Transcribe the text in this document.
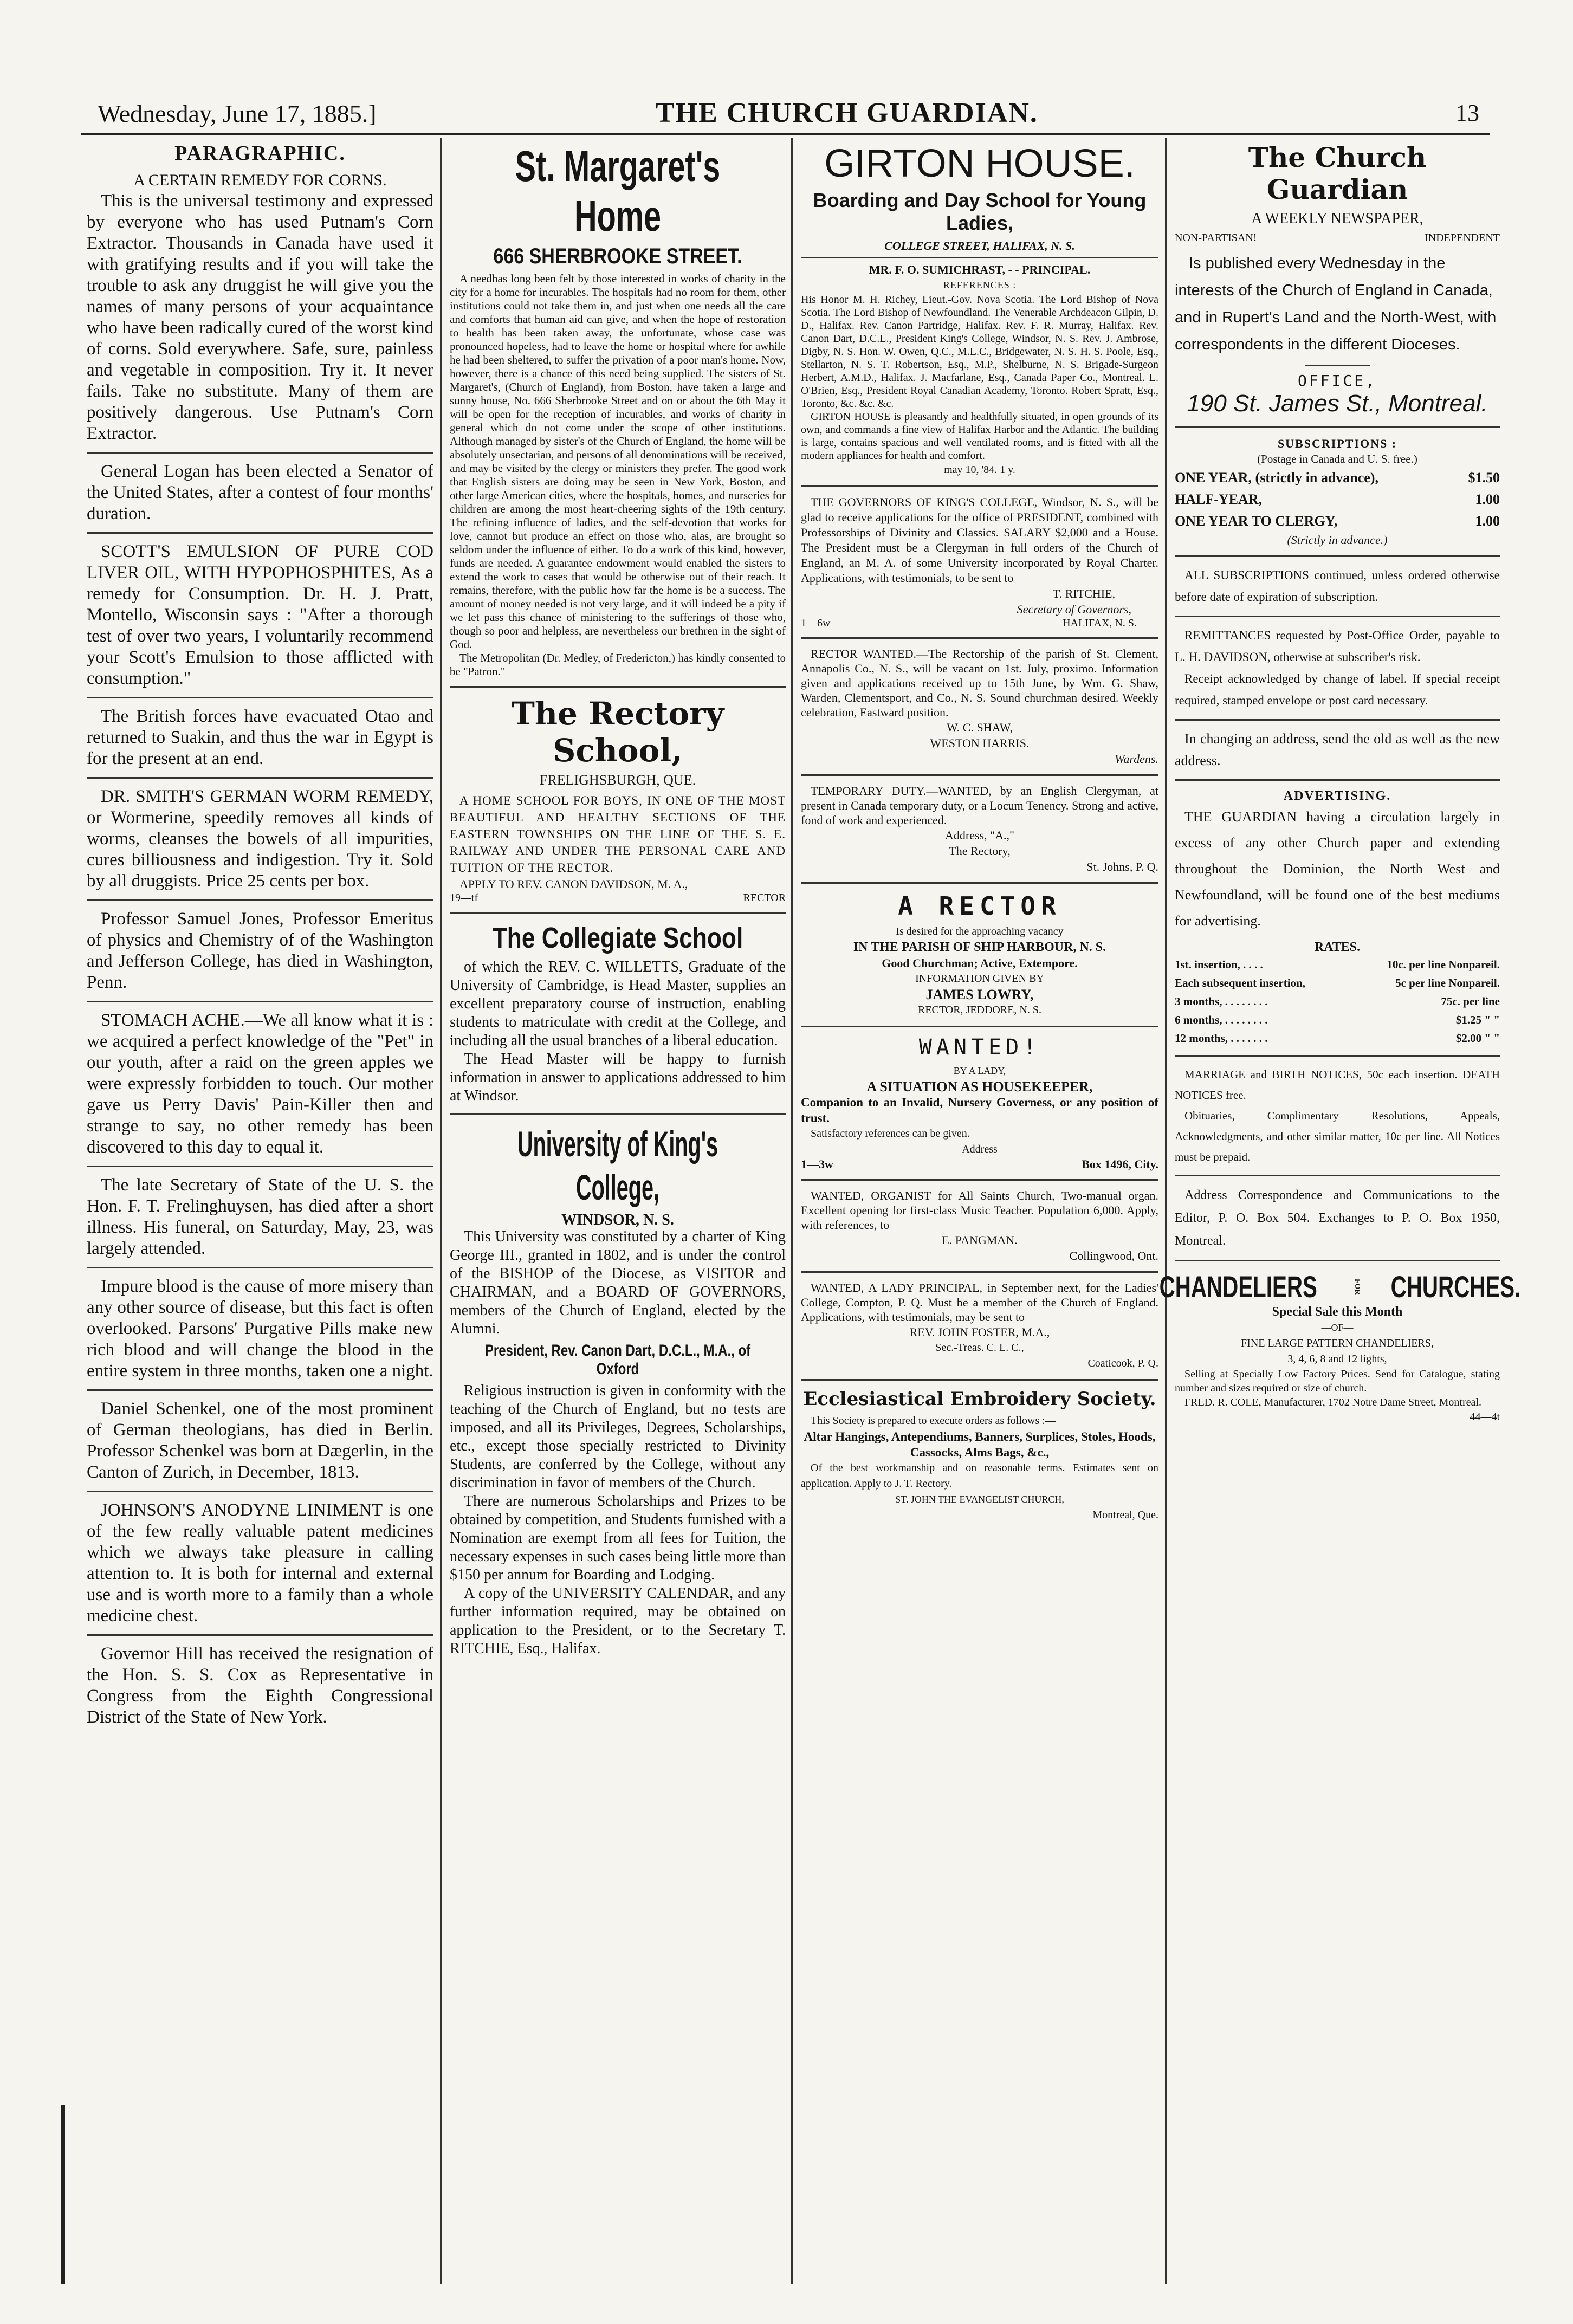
Wednesday, June 17, 1885.]	THE CHURCH GUARDIAN.	13
PARAGRAPHIC.

A CERTAIN REMEDY FOR CORNS.

This is the universal testimony and expressed by everyone who has used Putnam's Corn Extractor. Thousands in Canada have used it with gratifying results and if you will take the trouble to ask any druggist he will give you the names of many persons of your acquaintance who have been radically cured of the worst kind of corns. Sold everywhere. Safe, sure, painless and vegetable in composition. Try it. It never fails. Take no substitute. Many of them are positively dangerous. Use Putnam's Corn Extractor.

General Logan has been elected a Senator of the United States, after a contest of four months' duration.

SCOTT'S EMULSION OF PURE COD LIVER OIL, WITH HYPOPHOSPHITES, As a remedy for Consumption. Dr. H. J. Pratt, Montello, Wisconsin says : "After a thorough test of over two years, I voluntarily recommend your Scott's Emulsion to those afflicted with consumption."

The British forces have evacuated Otao and returned to Suakin, and thus the war in Egypt is for the present at an end.

DR. SMITH'S GERMAN WORM REMEDY, or Wormerine, speedily removes all kinds of worms, cleanses the bowels of all impurities, cures billiousness and indigestion. Try it. Sold by all druggists. Price 25 cents per box.

Professor Samuel Jones, Professor Emeritus of physics and Chemistry of of the Washington and Jefferson College, has died in Washington, Penn.

STOMACH ACHE.—We all know what it is : we acquired a perfect knowledge of the "Pet" in our youth, after a raid on the green apples we were expressly forbidden to touch. Our mother gave us Perry Davis' Pain-Killer then and strange to say, no other remedy has been discovered to this day to equal it.

The late Secretary of State of the U. S. the Hon. F. T. Frelinghuysen, has died after a short illness. His funeral, on Saturday, May, 23, was largely attended.

Impure blood is the cause of more misery than any other source of disease, but this fact is often overlooked. Parsons' Purgative Pills make new rich blood and will change the blood in the entire system in three months, taken one a night.

Daniel Schenkel, one of the most prominent of German theologians, has died in Berlin. Professor Schenkel was born at Dægerlin, in the Canton of Zurich, in December, 1813.

JOHNSON'S ANODYNE LINIMENT is one of the few really valuable patent medicines which we always take pleasure in calling attention to. It is both for internal and external use and is worth more to a family than a whole medicine chest.

Governor Hill has received the resignation of the Hon. S. S. Cox as Representative in Congress from the Eighth Congressional District of the State of New York.

St. Margaret's Home
666 SHERBROOKE STREET.

A needhas long been felt by those interested in works of charity in the city for a home for incurables. The hospitals had no room for them, other institutions could not take them in, and just when one needs all the care and comforts that human aid can give, and when the hope of restoration to health has been taken away, the unfortunate, whose case was pronounced hopeless, had to leave the home or hospital where for awhile he had been sheltered, to suffer the privation of a poor man's home. Now, however, there is a chance of this need being supplied. The sisters of St. Margaret's, (Church of England), from Boston, have taken a large and sunny house, No. 666 Sherbrooke Street and on or about the 6th May it will be open for the reception of incurables, and works of charity in general which do not come under the scope of other institutions. Although managed by sister's of the Church of England, the home will be absolutely unsectarian, and persons of all denominations will be received, and may be visited by the clergy or ministers they prefer. The good work that English sisters are doing may be seen in New York, Boston, and other large American cities, where the hospitals, homes, and nurseries for children are among the most heart-cheering sights of the 19th century. The refining influence of ladies, and the self-devotion that works for love, cannot but produce an effect on those who, alas, are brought so seldom under the influence of either. To do a work of this kind, however, funds are needed. A guarantee endowment would enabled the sisters to extend the work to cases that would be otherwise out of their reach. It remains, therefore, with the public how far the home is be a success. The amount of money needed is not very large, and it will indeed be a pity if we let pass this chance of ministering to the sufferings of those who, though so poor and helpless, are nevertheless our brethren in the sight of God.

The Metropolitan (Dr. Medley, of Fredericton,) has kindly consented to be "Patron."

The Rectory School,

FRELIGHSBURGH, QUE.

A HOME SCHOOL FOR BOYS, IN ONE OF THE MOST BEAUTIFUL AND HEALTHY SECTIONS OF THE EASTERN TOWNSHIPS ON THE LINE OF THE S. E. RAILWAY AND UNDER THE PERSONAL CARE AND TUITION OF THE RECTOR.

APPLY TO REV. CANON DAVIDSON, M. A.,

19—tf	RECTOR
The Collegiate School

of which the REV. C. WILLETTS, Graduate of the University of Cambridge, is Head Master, supplies an excellent preparatory course of instruction, enabling students to matriculate with credit at the College, and including all the usual branches of a liberal education.

The Head Master will be happy to furnish information in answer to applications addressed to him at Windsor.

University of King's College,

WINDSOR, N. S.

This University was constituted by a charter of King George III., granted in 1802, and is under the control of the BISHOP of the Diocese, as VISITOR and CHAIRMAN, and a BOARD OF GOVERNORS, members of the Church of England, elected by the Alumni.

President, Rev. Canon Dart, D.C.L., M.A., of Oxford

Religious instruction is given in conformity with the teaching of the Church of England, but no tests are imposed, and all its Privileges, Degrees, Scholarships, etc., except those specially restricted to Divinity Students, are conferred by the College, without any discrimination in favor of members of the Church.

There are numerous Scholarships and Prizes to be obtained by competition, and Students furnished with a Nomination are exempt from all fees for Tuition, the necessary expenses in such cases being little more than $150 per annum for Boarding and Lodging.

A copy of the UNIVERSITY CALENDAR, and any further information required, may be obtained on application to the President, or to the Secretary T. RITCHIE, Esq., Halifax.

GIRTON HOUSE.
Boarding and Day School for Young Ladies,

COLLEGE STREET, HALIFAX, N. S.

MR. F. O. SUMICHRAST, - - PRINCIPAL.

REFERENCES :

His Honor M. H. Richey, Lieut.-Gov. Nova Scotia. The Lord Bishop of Nova Scotia. The Lord Bishop of Newfoundland. The Venerable Archdeacon Gilpin, D. D., Halifax. Rev. Canon Partridge, Halifax. Rev. F. R. Murray, Halifax. Rev. Canon Dart, D.C.L., President King's College, Windsor, N. S. Rev. J. Ambrose, Digby, N. S. Hon. W. Owen, Q.C., M.L.C., Bridgewater, N. S. H. S. Poole, Esq., Stellarton, N. S. T. Robertson, Esq., M.P., Shelburne, N. S. Brigade-Surgeon Herbert, A.M.D., Halifax. J. Macfarlane, Esq., Canada Paper Co., Montreal. L. O'Brien, Esq., President Royal Canadian Academy, Toronto. Robert Spratt, Esq., Toronto, &c. &c. &c.

GIRTON HOUSE is pleasantly and healthfully situated, in open grounds of its own, and commands a fine view of Halifax Harbor and the Atlantic. The building is large, contains spacious and well ventilated rooms, and is fitted with all the modern appliances for health and comfort.

may 10, '84. 1 y.

THE GOVERNORS OF KING'S COLLEGE, Windsor, N. S., will be glad to receive applications for the office of PRESIDENT, combined with Professorships of Divinity and Classics. SALARY $2,000 and a House. The President must be a Clergyman in full orders of the Church of England, an M. A. of some University incorporated by Royal Charter. Applications, with testimonials, to be sent to

T. RITCHIE,

Secretary of Governors,

1—6w	HALIFAX, N. S.

RECTOR WANTED.—The Rectorship of the parish of St. Clement, Annapolis Co., N. S., will be vacant on 1st. July, proximo. Information given and applications received up to 15th June, by Wm. G. Shaw, Warden, Clementsport, and Co., N. S. Sound churchman desired. Weekly celebration, Eastward position.

W. C. SHAW,

WESTON HARRIS.

Wardens.

TEMPORARY DUTY.—WANTED, by an English Clergyman, at present in Canada temporary duty, or a Locum Tenency. Strong and active, fond of work and experienced.

Address, "A.,"

The Rectory,

St. Johns, P. Q.

A RECTOR

Is desired for the approaching vacancy

IN THE PARISH OF SHIP HARBOUR, N. S.

Good Churchman; Active, Extempore.

INFORMATION GIVEN BY

JAMES LOWRY,

RECTOR, JEDDORE, N. S.

WANTED!

BY A LADY,

A SITUATION AS HOUSEKEEPER,

Companion to an Invalid, Nursery Governess, or any position of trust.

Satisfactory references can be given.

Address

1—3w	Box 1496, City.

WANTED, ORGANIST for All Saints Church, Two-manual organ. Excellent opening for first-class Music Teacher. Population 6,000. Apply, with references, to

E. PANGMAN.

Collingwood, Ont.

WANTED, A LADY PRINCIPAL, in September next, for the Ladies' College, Compton, P. Q. Must be a member of the Church of England. Applications, with testimonials, may be sent to

REV. JOHN FOSTER, M.A.,

Sec.-Treas. C. L. C.,

Coaticook, P. Q.

Ecclesiastical Embroidery Society.

This Society is prepared to execute orders as follows :—

Altar Hangings, Antependiums, Banners, Surplices, Stoles, Hoods, Cassocks, Alms Bags, &c.,

Of the best workmanship and on reasonable terms. Estimates sent on application. Apply to J. T. Rectory.

ST. JOHN THE EVANGELIST CHURCH,

Montreal, Que.

The Church Guardian

A WEEKLY NEWSPAPER,

NON-PARTISAN!	INDEPENDENT

Is published every Wednesday in the interests of the Church of England in Canada, and in Rupert's Land and the North-West, with correspondents in the different Dioceses.

OFFICE,

190 St. James St., Montreal.

SUBSCRIPTIONS :

(Postage in Canada and U. S. free.)

ONE YEAR, (strictly in advance),	$1.50
HALF-YEAR,	1.00
ONE YEAR TO CLERGY,	1.00

(Strictly in advance.)

ALL SUBSCRIPTIONS continued, unless ordered otherwise before date of expiration of subscription.

REMITTANCES requested by Post-Office Order, payable to L. H. DAVIDSON, otherwise at subscriber's risk.

Receipt acknowledged by change of label. If special receipt required, stamped envelope or post card necessary.

In changing an address, send the old as well as the new address.

ADVERTISING.

THE GUARDIAN having a circulation largely in excess of any other Church paper and extending throughout the Dominion, the North West and Newfoundland, will be found one of the best mediums for advertising.

RATES.

1st. insertion, . . . .	10c. per line Nonpareil.
Each subsequent insertion,	5c per line Nonpareil.
3 months, . . . . . . . .	75c. per line
6 months, . . . . . . . .	$1.25 " "
12 months, . . . . . . .	$2.00 " "

MARRIAGE and BIRTH NOTICES, 50c each insertion. DEATH NOTICES free.

Obituaries, Complimentary Resolutions, Appeals, Acknowledgments, and other similar matter, 10c per line. All Notices must be prepaid.

Address Correspondence and Communications to the Editor, P. O. Box 504. Exchanges to P. O. Box 1950, Montreal.

CHANDELIERS	FOR CHURCHES.

Special Sale this Month

—OF—

FINE LARGE PATTERN CHANDELIERS,

3, 4, 6, 8 and 12 lights,

Selling at Specially Low Factory Prices. Send for Catalogue, stating number and sizes required or size of church.

FRED. R. COLE, Manufacturer, 1702 Notre Dame Street, Montreal.

44—4t
